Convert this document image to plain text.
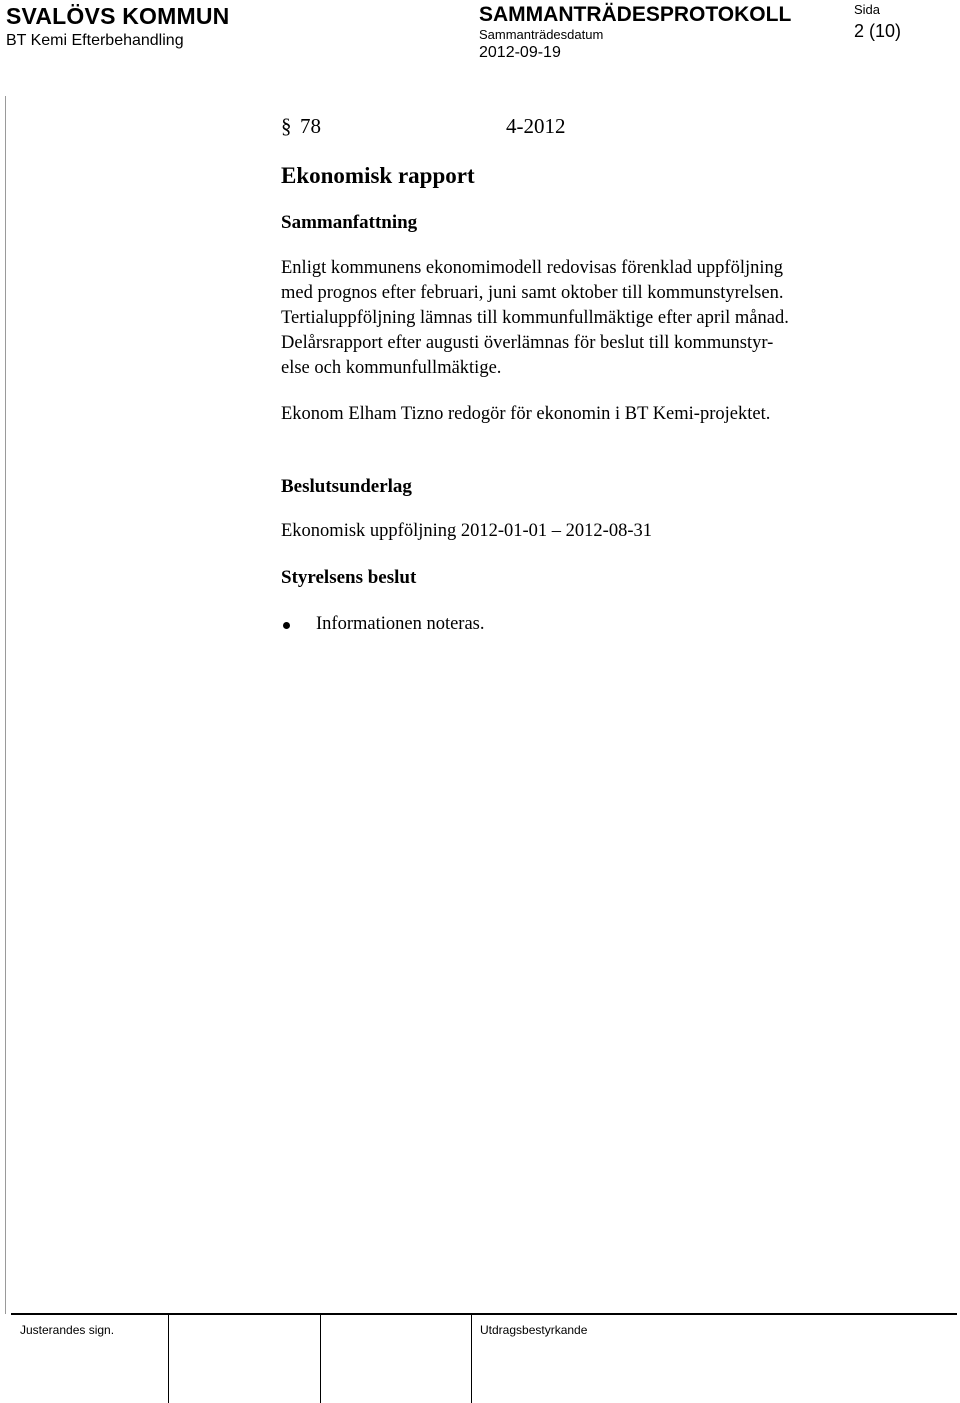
SVALÖVS KOMMUN
BT Kemi Efterbehandling
SAMMANTRÄDESPROTOKOLL
Sammanträdesdatum
2012-09-19
Sida
2 (10)
§ 78	4-2012
Ekonomisk rapport
Sammanfattning
Enligt kommunens ekonomimodell redovisas förenklad uppföljning
med prognos efter februari, juni samt oktober till kommunstyrelsen.
Tertialuppföljning lämnas till kommunfullmäktige efter april månad.
Delårsrapport efter augusti överlämnas för beslut till kommunstyr-
else och kommunfullmäktige.
Ekonom Elham Tizno redogör för ekonomin i BT Kemi-projektet.
Beslutsunderlag
Ekonomisk uppföljning 2012-01-01 – 2012-08-31
Styrelsens beslut
Informationen noteras.
Justerandes sign.	Utdragsbestyrkande
